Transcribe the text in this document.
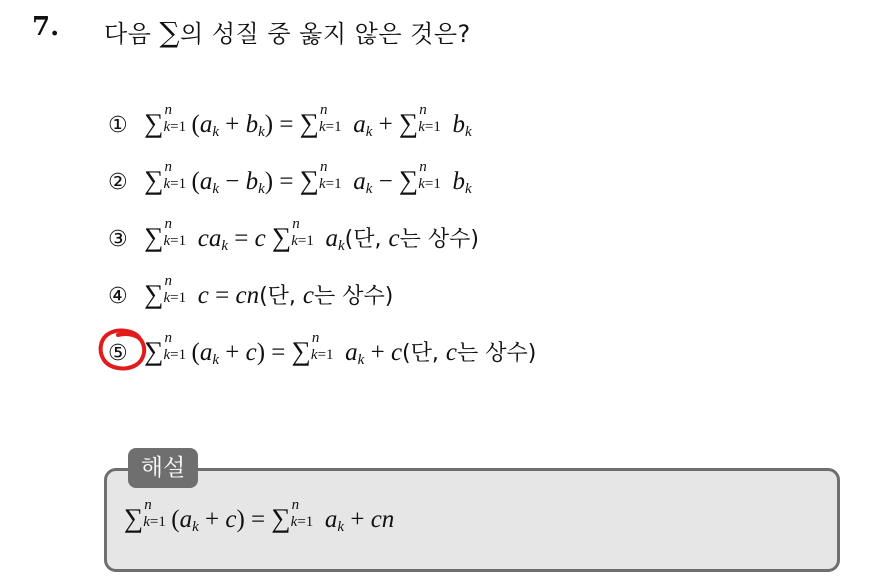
7. 다음 ∑의 성질 중 옳지 않은 것은?
① ∑ n
k=1 $(a_k + b_k)$ = ∑ n
k=1 $a_k$ + ∑ n
k=1 $b_k$
② ∑ n
k=1 $(a_k - b_k)$ = ∑ n
k=1 $a_k$ − ∑ n
k=1 $b_k$
③ ∑ n
k=1 $ca_k = c$ ∑ n
k=1 $a_k$(단, c는 상수)
④ ∑ n
k=1 c = cn(단, c는 상수)
⑤ ∑ n
k=1 $(a_k + c)$ = ∑ n
k=1 $a_k + c$(단, c는 상수)
해설
∑ n
k=1 $(a_k + c)$ = ∑ n
k=1 $a_k$ + cn
